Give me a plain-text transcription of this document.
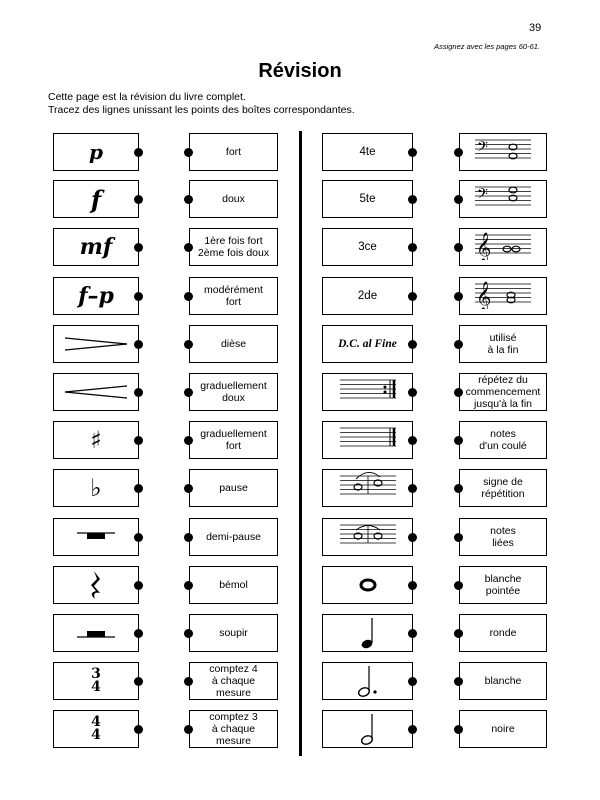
39
Assignez avec les pages 60-61.
Révision
Cette page est la révision du livre complet.
Tracez des lignes unissant les points des boîtes correspondantes.
p
f
mf
f–p
♯
♭
3
4
4
4
fort
doux
1ère fois fort
2ème fois doux
modérément
fort
dièse
graduellement
doux
graduellement
fort
pause
demi-pause
bémol
soupir
comptez 4
à chaque
mesure
comptez 3
à chaque
mesure
4te
5te
3ce
2de
D.C. al Fine
𝄢
𝄢
𝄞
𝄞
utilisé
à la fin
répétez du
commencement
jusqu'à la fin
notes
d'un coulé
signe de
répétition
notes
liées
blanche
pointée
ronde
blanche
noire
